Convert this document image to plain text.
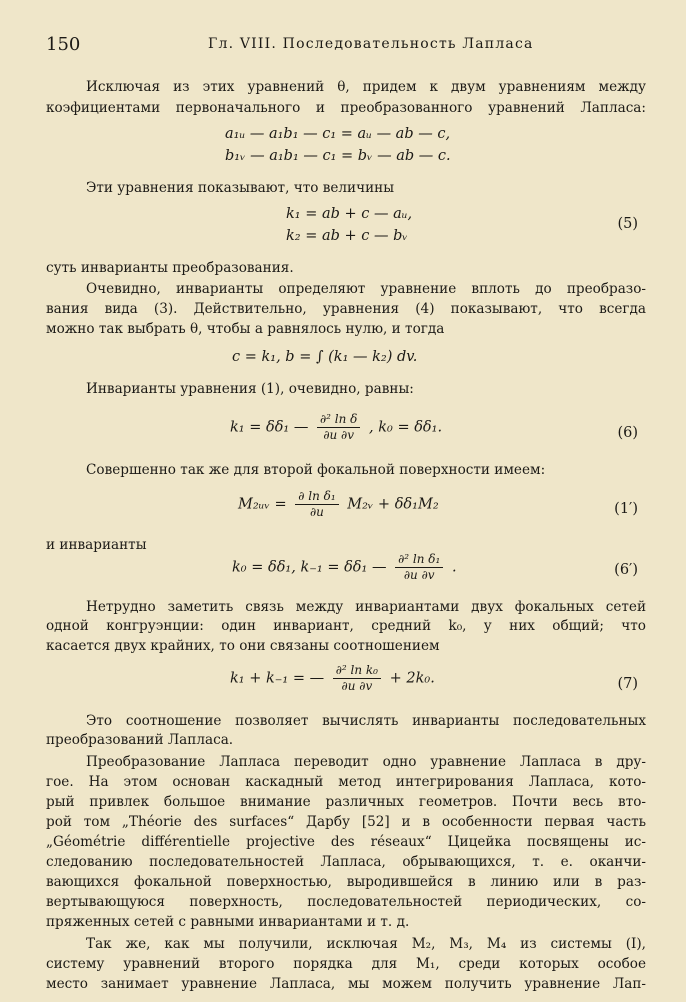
150	Гл. VIII. Последовательность Лапласа
Исключая из этих уравнений θ, придем к двум уравнениям между
коэфициентами первоначального и преобразованного уравнений Лапласа:
a₁ᵤ — a₁b₁ — c₁ = aᵤ — ab — c,
b₁ᵥ — a₁b₁ — c₁ = bᵥ — ab — c.
Эти уравнения показывают, что величины
k₁ = ab + c — aᵤ,
k₂ = ab + c — bᵥ
(5)
суть инварианты преобразования.
Очевидно, инварианты определяют уравнение вплоть до преобразо-
вания вида (3). Действительно, уравнения (4) показывают, что всегда
можно так выбрать θ, чтобы a равнялось нулю, и тогда
c = k₁, b = ∫ (k₁ — k₂) dv.
Инварианты уравнения (1), очевидно, равны:
k₁ = δδ₁ — $\frac{\text{∂² ln δ}}{\partial u \partial v}$ , k₀ = δδ₁.	(6)
Совершенно так же для второй фокальной поверхности имеем:
M₂ᵤᵥ = $\frac{\text{∂ ln δ₁}}{\partial u}$ M₂ᵥ + δδ₁M₂	(1′)
и инварианты
k₀ = δδ₁, k₋₁ = δδ₁ — $\frac{\text{∂² ln δ₁}}{\partial u \partial v}$ .	(6′)
Нетрудно заметить связь между инвариантами двух фокальных сетей
одной конгруэнции: один инвариант, средний k₀, у них общий; что
касается двух крайних, то они связаны соотношением
k₁ + k₋₁ = — $\frac{\text{∂² ln k₀}}{\partial u \partial v} + 2k_0$.	(7)
Это соотношение позволяет вычислять инварианты последовательных
преобразований Лапласа.
Преобразование Лапласа переводит одно уравнение Лапласа в дру-
гое. На этом основан каскадный метод интегрирования Лапласа, кото-
рый привлек большое внимание различных геометров. Почти весь вто-
рой том „Théorie des surfaces“ Дарбу [52] и в особенности первая часть
„Géométrie différentielle projective des réseaux“ Цицейка посвящены ис-
следованию последовательностей Лапласа, обрывающихся, т. е. оканчи-
вающихся фокальной поверхностью, выродившейся в линию или в раз-
вертывающуюся поверхность, последовательностей периодических, со-
пряженных сетей с равными инвариантами и т. д.
Так же, как мы получили, исключая M₂, M₃, M₄ из системы (I),
систему уравнений второго порядка для M₁, среди которых особое
место занимает уравнение Лапласа, мы можем получить уравнение Лап-
